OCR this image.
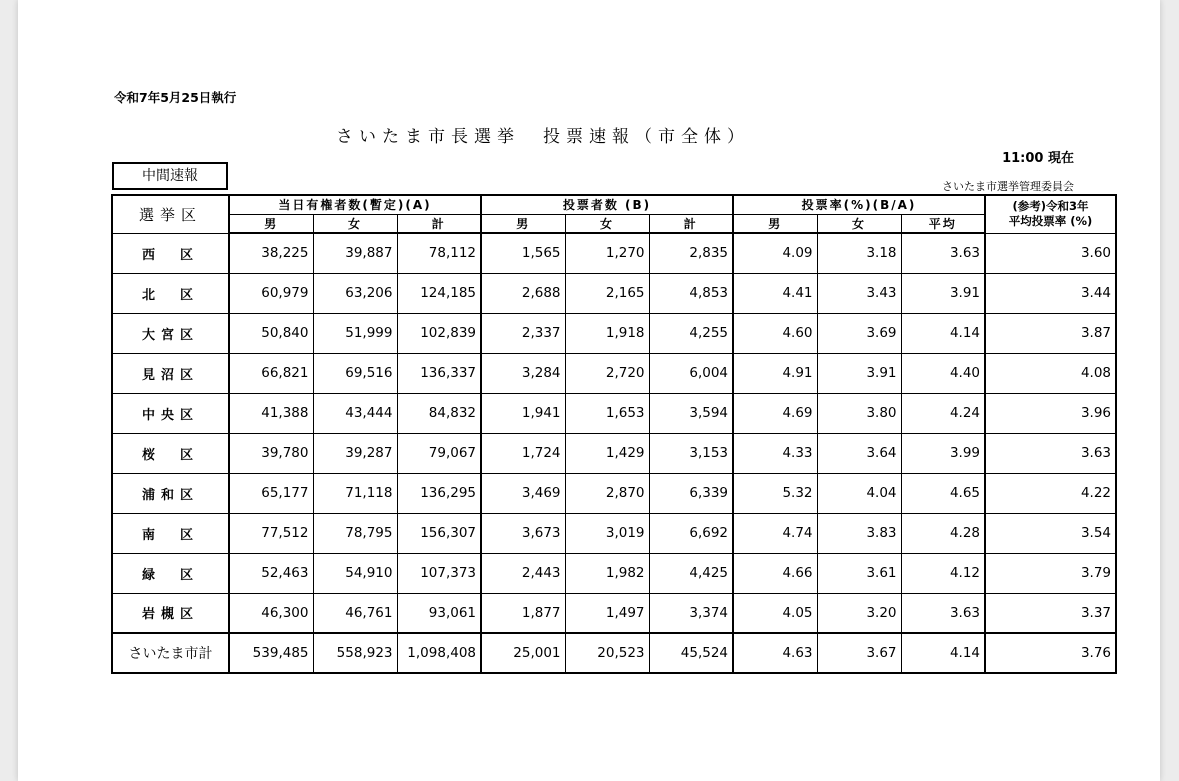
令和7年5月25日執行
さいたま市長選挙　投票速報（市全体）
11:00 現在
中間速報
さいたま市選挙管理委員会
選挙区	当日有権者数(暫定)(A)			投票者数 (B)			投票率(%)(B/A)			(参考)令和3年
平均投票率 (%)

	男	女	計	男	女	計	男	女	平均	
西　区	38,225	39,887	78,112	1,565	1,270	2,835	4.09	3.18	3.63	3.60
北　区	60,979	63,206	124,185	2,688	2,165	4,853	4.41	3.43	3.91	3.44
大宮区	50,840	51,999	102,839	2,337	1,918	4,255	4.60	3.69	4.14	3.87
見沼区	66,821	69,516	136,337	3,284	2,720	6,004	4.91	3.91	4.40	4.08
中央区	41,388	43,444	84,832	1,941	1,653	3,594	4.69	3.80	4.24	3.96
桜　区	39,780	39,287	79,067	1,724	1,429	3,153	4.33	3.64	3.99	3.63
浦和区	65,177	71,118	136,295	3,469	2,870	6,339	5.32	4.04	4.65	4.22
南　区	77,512	78,795	156,307	3,673	3,019	6,692	4.74	3.83	4.28	3.54
緑　区	52,463	54,910	107,373	2,443	1,982	4,425	4.66	3.61	4.12	3.79
岩槻区	46,300	46,761	93,061	1,877	1,497	3,374	4.05	3.20	3.63	3.37
さいたま市計	539,485	558,923	1,098,408	25,001	20,523	45,524	4.63	3.67	4.14	3.76
